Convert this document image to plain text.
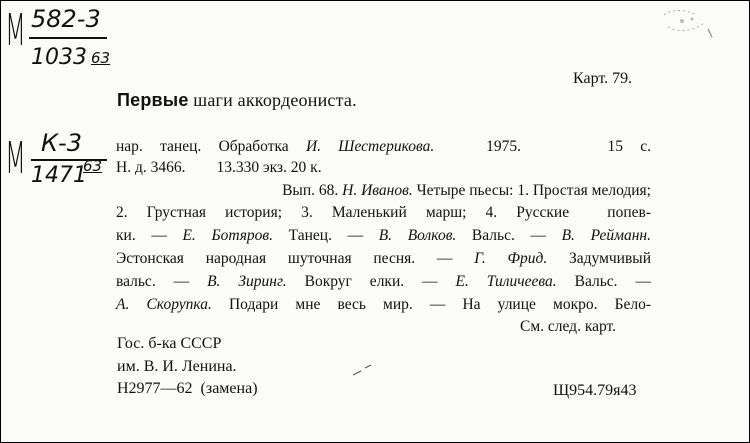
М 582-3
1033 63
М К-3
1471
63
Карт. 79.
Первые шаги аккордеониста.
нар. танец. Обработка И. Шестерикова.   1975.     15 с.
Н. д. 3466.        13.330 экз. 20 к.
Вып. 68. Н. Иванов. Четыре пьесы: 1. Простая мелодия;
2. Грустная история; 3. Маленький марш; 4. Русские  попев-
ки. — Е. Ботяров. Танец. — В. Волков. Вальс. — В. Рейманн.
Эстонская народная шуточная песня. — Г. Фрид. Задумчивый
вальс. — В. Зиринг. Вокруг елки. — Е. Тиличеева. Вальс. —
А. Скорупка. Подари мне весь мир. — На улице мокро. Бело-
См. след. карт.
Гос. б-ка СССР
им. В. И. Ленина.
Н2977—62  (замена)	Щ954.79я43
